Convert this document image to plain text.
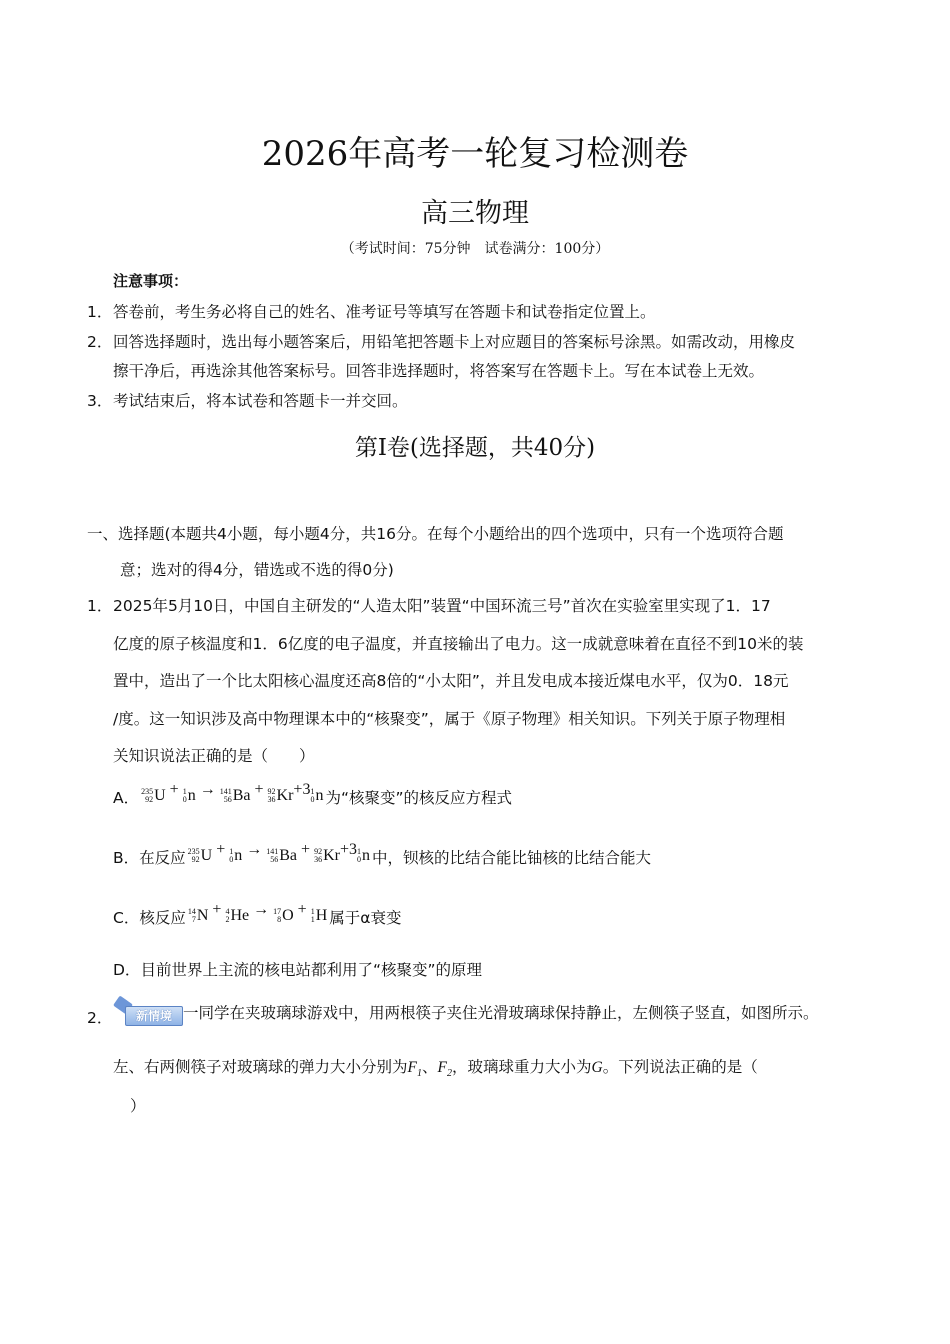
2026年高考一轮复习检测卷
高三物理
（考试时间：75分钟　试卷满分：100分）
注意事项：
1． 答卷前，考生务必将自己的姓名、准考证号等填写在答题卡和试卷指定位置上。
2． 回答选择题时，选出每小题答案后，用铅笔把答题卡上对应题目的答案标号涂黑。如需改动，用橡皮
擦干净后，再选涂其他答案标号。回答非选择题时，将答案写在答题卡上。写在本试卷上无效。
3． 考试结束后，将本试卷和答题卡一并交回。
第Ⅰ卷(选择题，共40分)
一、选择题(本题共4小题，每小题4分，共16分。在每个小题给出的四个选项中，只有一个选项符合题
意；选对的得4分，错选或不选的得0分)
1． 2025年5月10日，中国自主研发的“人造太阳”装置“中国环流三号”首次在实验室里实现了1．17
亿度的原子核温度和1．6亿度的电子温度，并直接输出了电力。这一成就意味着在直径不到10米的装
置中，造出了一个比太阳核心温度还高8倍的“小太阳”，并且发电成本接近煤电水平，仅为0．18元
/度。这一知识涉及高中物理课本中的“核聚变”，属于《原子物理》相关知识。下列关于原子物理相
关知识说法正确的是（　　）
A． 235
92 U + 1
0 n → 141
56 Ba + 92
36 Kr +3 1
0 n 为“核聚变”的核反应方程式
B．在反应 235
92 U + 1
0 n → 141
56 Ba + 92
36 Kr +3 1
0 n 中，钡核的比结合能比铀核的比结合能大
C．核反应 14
7 N + 4
2 He → 17
8 O + 1
1 H 属于α衰变
D．目前世界上主流的核电站都利用了“核聚变”的原理
2．	新情境 一同学在夹玻璃球游戏中，用两根筷子夹住光滑玻璃球保持静止，左侧筷子竖直，如图所示。
左、右两侧筷子对玻璃球的弹力大小分别为$F_1$、$F_2$，玻璃球重力大小为G。下列说法正确的是（
）
